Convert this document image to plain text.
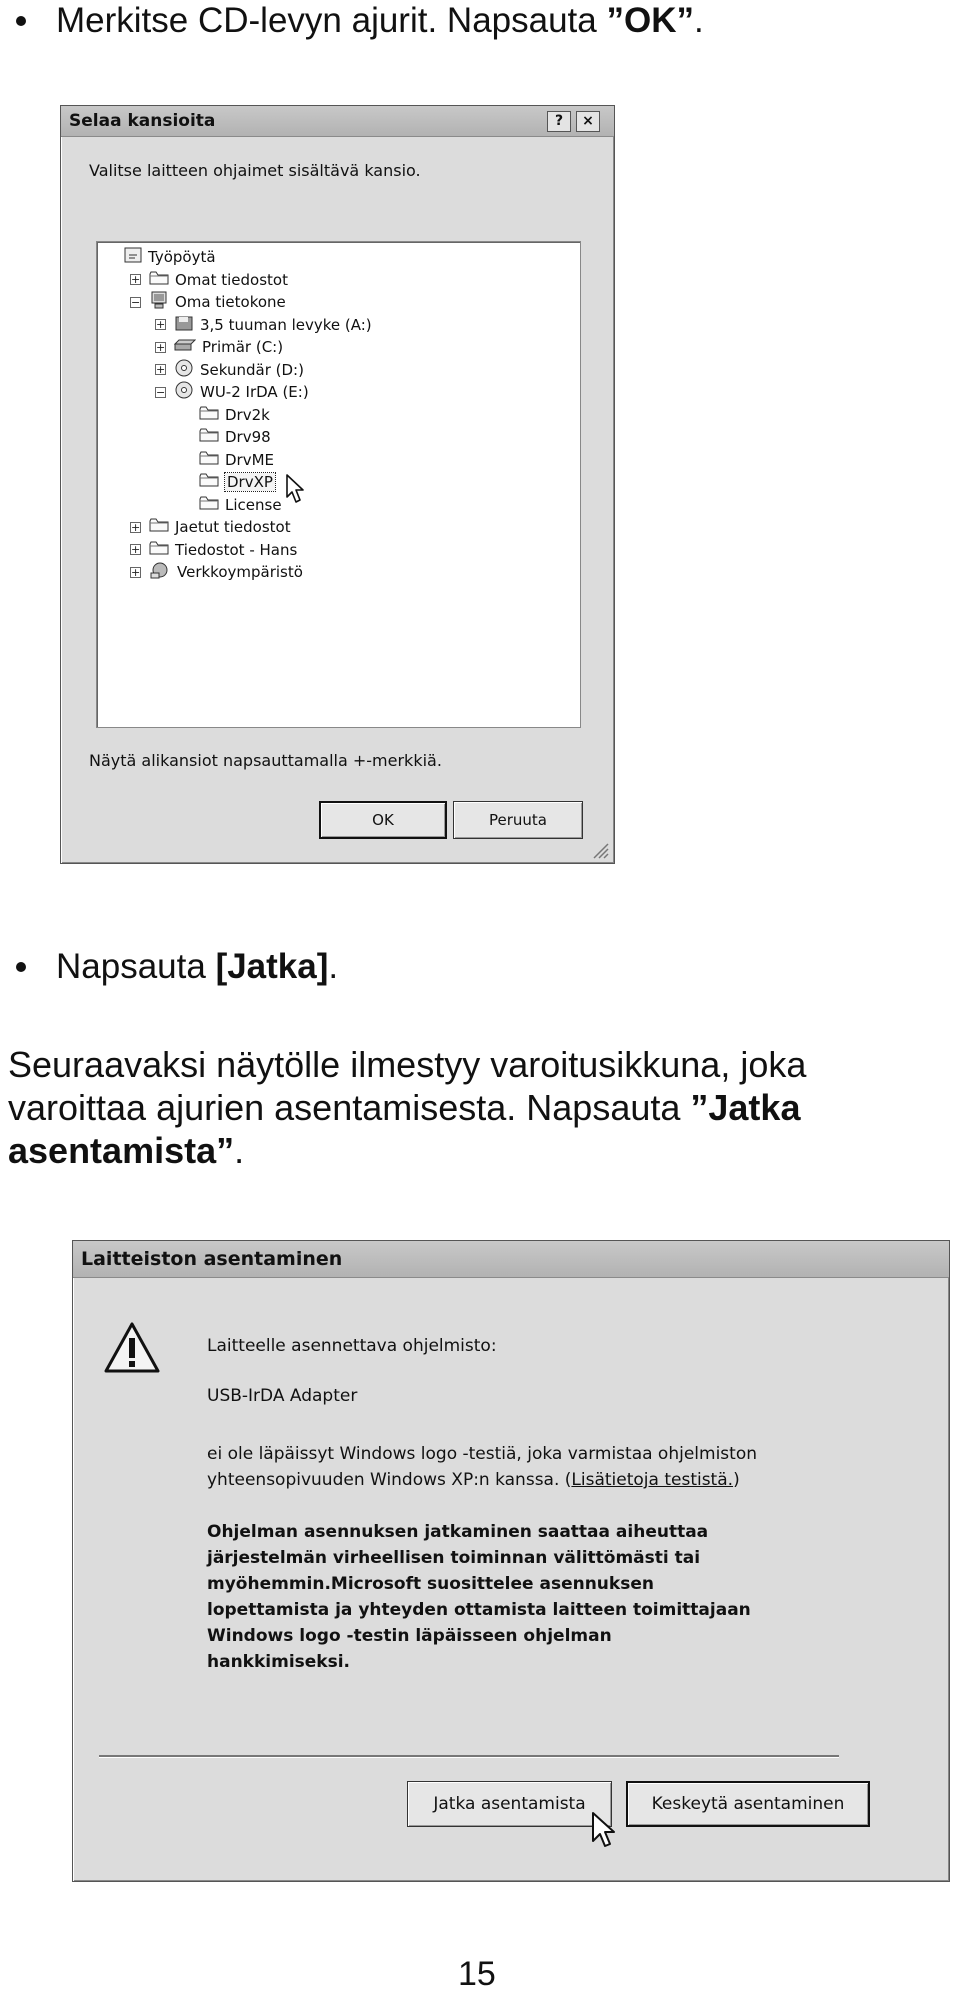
Merkitse CD-levyn ajurit. Napsauta ”OK”.
Selaa kansioita	?	×
Valitse laitteen ohjaimet sisältävä kansio.
Työpöytä
+ Omat tiedostot
− Oma tietokone
+ 3,5 tuuman levyke (A:)
+ Primär (C:)
+ Sekundär (D:)
− WU-2 IrDA (E:)
Drv2k
Drv98
DrvME
DrvXP
License
+ Jaetut tiedostot
+ Tiedostot - Hans
+ Verkkoympäristö
Näytä alikansiot napsauttamalla +-merkkiä.
OK	Peruuta
Napsauta [Jatka].
Seuraavaksi näytölle ilmestyy varoitusikkuna, joka varoittaa ajurien asentamisesta. Napsauta ”Jatka asentamista”.
Laitteiston asentaminen
Laitteelle asennettava ohjelmisto:
USB-IrDA Adapter
ei ole läpäissyt Windows logo -testiä, joka varmistaa ohjelmiston
yhteensopivuuden Windows XP:n kanssa. (Lisätietoja testistä.)
Ohjelman asennuksen jatkaminen saattaa aiheuttaa
järjestelmän virheellisen toiminnan välittömästi tai
myöhemmin.Microsoft suosittelee asennuksen
lopettamista ja yhteyden ottamista laitteen toimittajaan
Windows logo -testin läpäisseen ohjelman
hankkimiseksi.
Jatka asentamista	Keskeytä asentaminen
15
